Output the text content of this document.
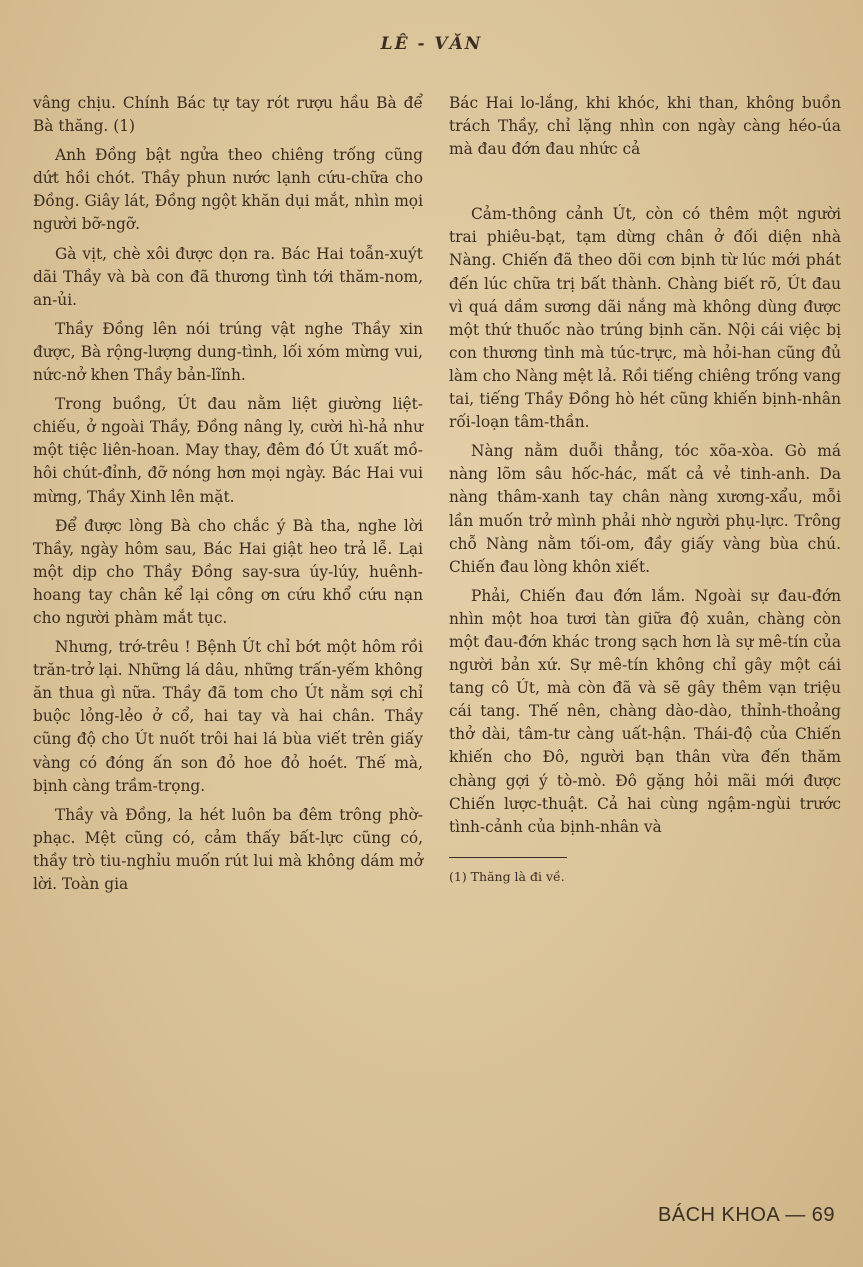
LÊ - VĂN

vâng chịu. Chính Bác tự tay rót rượu hầu Bà để Bà thăng. (1)

Anh Đồng bật ngửa theo chiêng trống cũng dứt hồi chót. Thầy phun nước lạnh cứu-chữa cho Đồng. Giây lát, Đồng ngột khăn dụi mắt, nhìn mọi người bỡ-ngỡ.

Gà vịt, chè xôi được dọn ra. Bác Hai toẫn-xuýt dãi Thầy và bà con đã thương tình tới thăm-nom, an-ủi.

Thầy Đồng lên nói trúng vật nghe Thầy xin được, Bà rộng-lượng dung-tình, lối xóm mừng vui, nức-nở khen Thầy bản-lĩnh.

Trong buồng, Út đau nằm liệt giường liệt-chiếu, ở ngoài Thầy, Đồng nâng ly, cười hì-hả như một tiệc liên-hoan. May thay, đêm đó Út xuất mồ-hôi chút-đỉnh, đỡ nóng hơn mọi ngày. Bác Hai vui mừng, Thầy Xinh lên mặt.

Để được lòng Bà cho chắc ý Bà tha, nghe lời Thầy, ngày hôm sau, Bác Hai giật heo trả lễ. Lại một dịp cho Thầy Đồng say-sưa úy-lúy, huênh-hoang tay chân kể lại công ơn cứu khổ cứu nạn cho người phàm mắt tục.

Nhưng, trớ-trêu ! Bệnh Út chỉ bớt một hôm rồi trăn-trở lại. Những lá dâu, những trấn-yếm không ăn thua gì nữa. Thầy đã tom cho Út nằm sợi chỉ buộc lỏng-lẻo ở cổ, hai tay và hai chân. Thầy cũng độ cho Út nuốt trôi hai lá bùa viết trên giấy vàng có đóng ấn son đỏ hoe đỏ hoét. Thế mà, bịnh càng trầm-trọng.

Thầy và Đồng, la hét luôn ba đêm trông phờ-phạc. Mệt cũng có, cảm thấy bất-lực cũng có, thầy trò tiu-nghỉu muốn rút lui mà không dám mở lời. Toàn gia

Bác Hai lo-lắng, khi khóc, khi than, không buồn trách Thầy, chỉ lặng nhìn con ngày càng héo-úa mà đau đớn đau nhức cả

Cảm-thông cảnh Út, còn có thêm một người trai phiêu-bạt, tạm dừng chân ở đối diện nhà Nàng. Chiến đã theo dõi cơn bịnh từ lúc mới phát đến lúc chữa trị bất thành. Chàng biết rõ, Út đau vì quá dầm sương dãi nắng mà không dùng được một thứ thuốc nào trúng bịnh căn. Nội cái việc bị con thương tình mà túc-trực, mà hỏi-han cũng đủ làm cho Nàng mệt lả. Rồi tiếng chiêng trống vang tai, tiếng Thầy Đồng hò hét cũng khiến bịnh-nhân rối-loạn tâm-thần.

Nàng nằm duỗi thẳng, tóc xõa-xòa. Gò má nàng lõm sâu hốc-hác, mất cả vẻ tinh-anh. Da nàng thâm-xanh tay chân nàng xương-xẩu, mỗi lần muốn trở mình phải nhờ người phụ-lực. Trông chỗ Nàng nằm tối-om, đầy giấy vàng bùa chú. Chiến đau lòng khôn xiết.

Phải, Chiến đau đớn lắm. Ngoài sự đau-đớn nhìn một hoa tươi tàn giữa độ xuân, chàng còn một đau-đớn khác trong sạch hơn là sự mê-tín của người bản xứ. Sự mê-tín không chỉ gây một cái tang cô Út, mà còn đã và sẽ gây thêm vạn triệu cái tang. Thế nên, chàng dào-dào, thỉnh-thoảng thở dài, tâm-tư càng uất-hận. Thái-độ của Chiến khiến cho Đô, người bạn thân vừa đến thăm chàng gợi ý tò-mò. Đô gặng hỏi mãi mới được Chiến lược-thuật. Cả hai cùng ngậm-ngùi trước tình-cảnh của bịnh-nhân và

(1) Thăng là đi về.
BÁCH KHOA — 69
